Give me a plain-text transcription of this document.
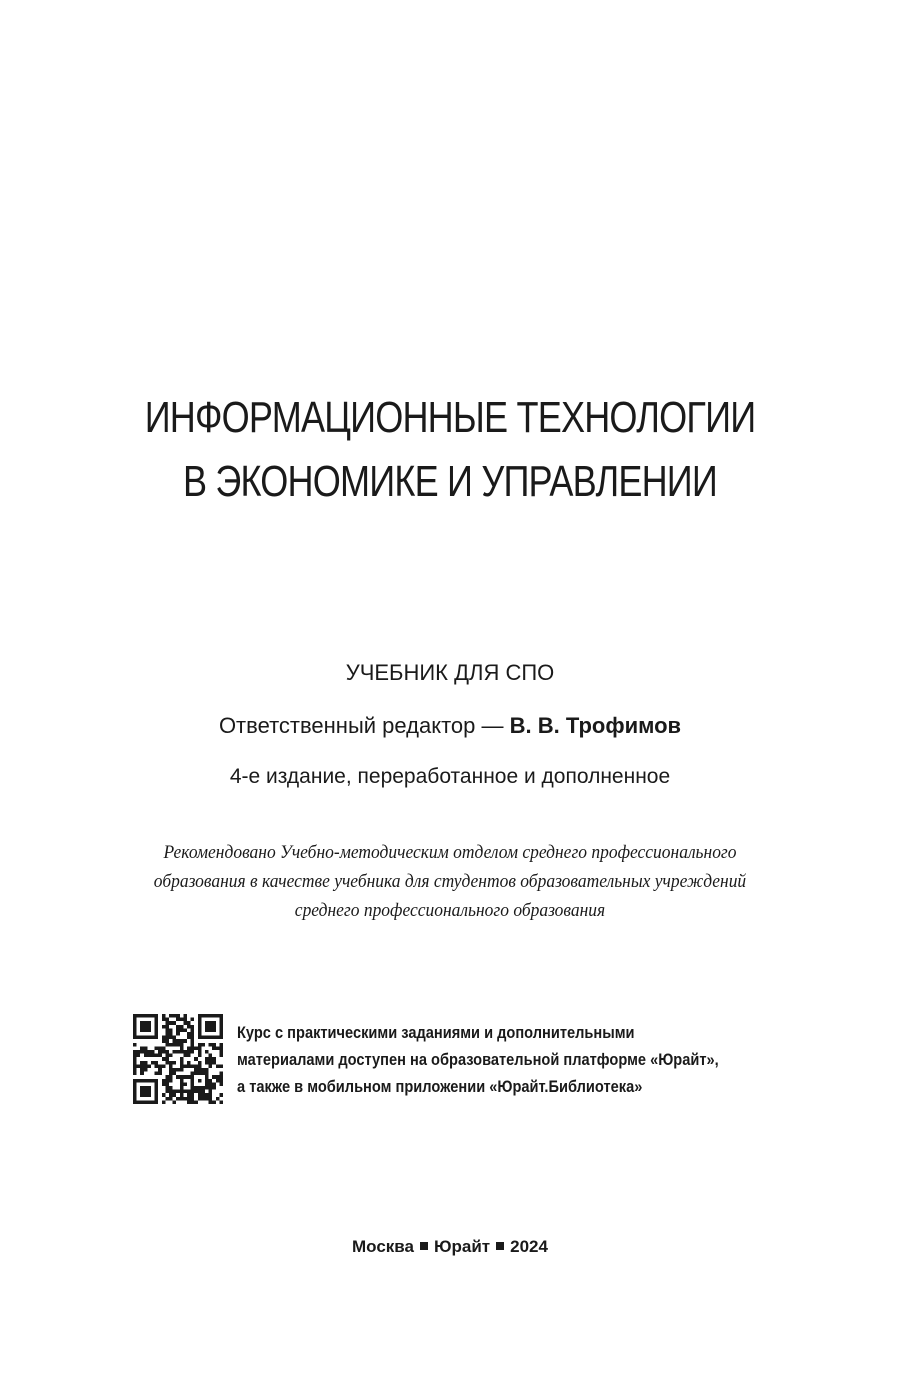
ИНФОРМАЦИОННЫЕ ТЕХНОЛОГИИ
В ЭКОНОМИКЕ И УПРАВЛЕНИИ
УЧЕБНИК ДЛЯ СПО
Ответственный редактор — В. В. Трофимов
4-е издание, переработанное и дополненное
Рекомендовано Учебно-методическим отделом среднего профессионального
образования в качестве учебника для студентов образовательных учреждений
среднего профессионального образования
Курс с практическими заданиями и дополнительными
материалами доступен на образовательной платформе «Юрайт»,
а также в мобильном приложении «Юрайт.Библиотека»
Москва Юрайт 2024
